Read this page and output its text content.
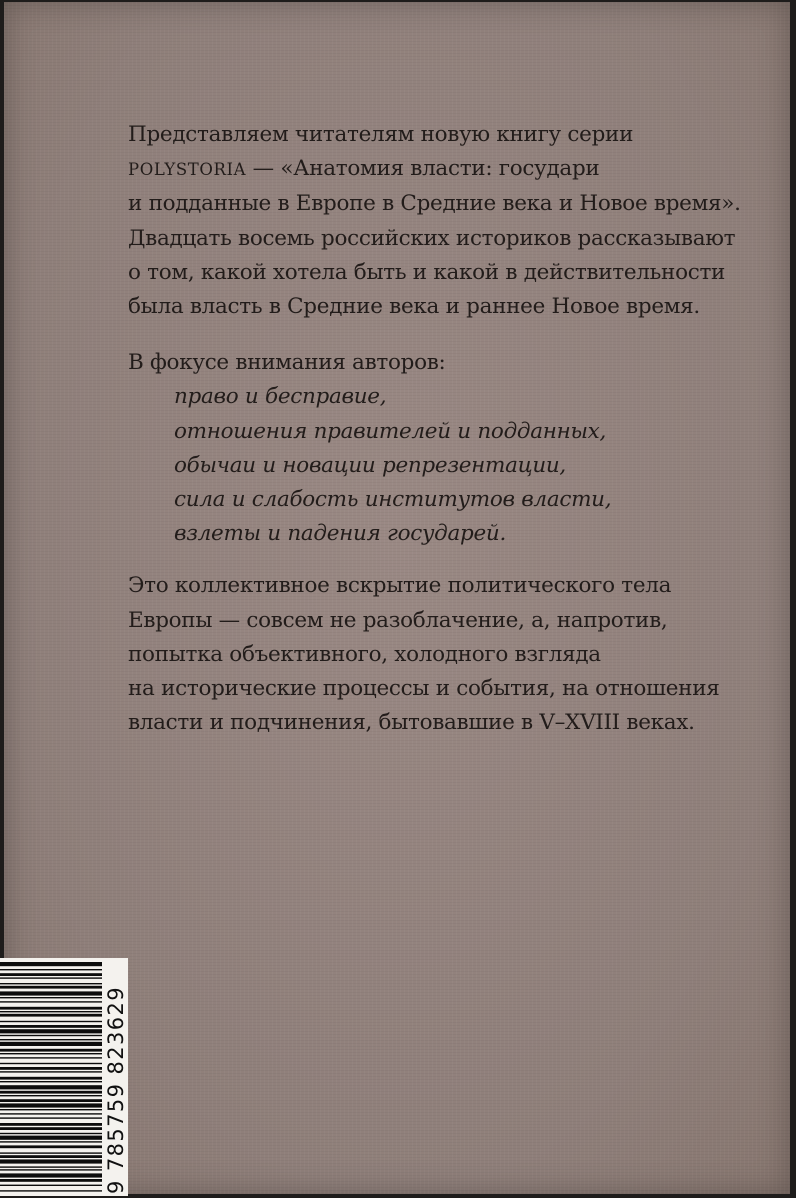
Представляем читателям новую книгу серии
POLYSTORIA — «Анатомия власти: государи
и подданные в Европе в Средние века и Новое время».
Двадцать восемь российских историков рассказывают
о том, какой хотела быть и какой в действительности
была власть в Средние века и раннее Новое время.

В фокусе внимания авторов:

право и бесправие,
отношения правителей и подданных,
обычаи и новации репрезентации,
сила и слабость институтов власти,
взлеты и падения государей.

Это коллективное вскрытие политического тела
Европы — совсем не разоблачение, а, напротив,
попытка объективного, холодного взгляда
на исторические процессы и события, на отношения
власти и подчинения, бытовавшие в V–XVIII веках.

9 785759 823629
